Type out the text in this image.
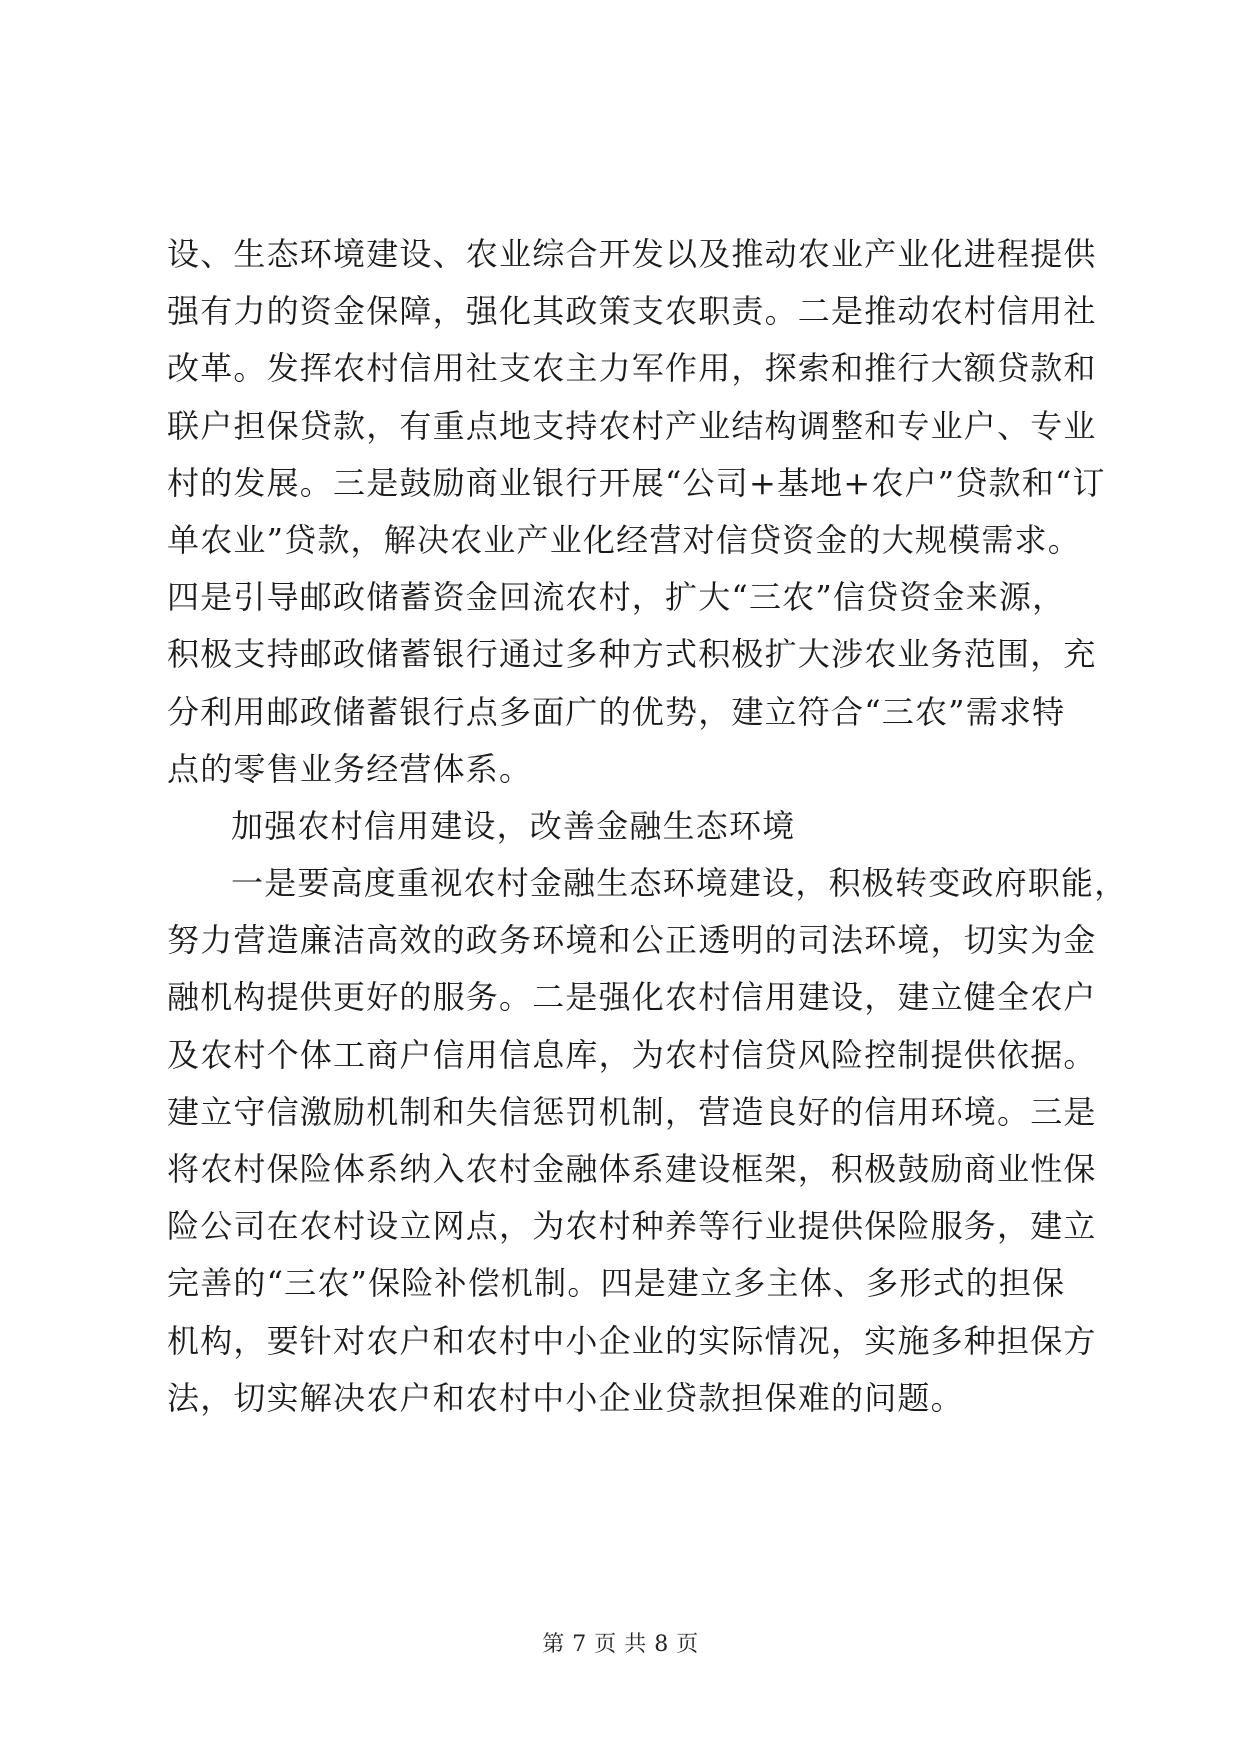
设、生态环境建设、农业综合开发以及推动农业产业化进程提供
强有力的资金保障，强化其政策支农职责。二是推动农村信用社
改革。发挥农村信用社支农主力军作用，探索和推行大额贷款和
联户担保贷款，有重点地支持农村产业结构调整和专业户、专业
村的发展。三是鼓励商业银行开展“公司+基地+农户”贷款和“订
单农业”贷款，解决农业产业化经营对信贷资金的大规模需求。
四是引导邮政储蓄资金回流农村，扩大“三农”信贷资金来源，
积极支持邮政储蓄银行通过多种方式积极扩大涉农业务范围，充
分利用邮政储蓄银行点多面广的优势，建立符合“三农”需求特
点的零售业务经营体系。
加强农村信用建设，改善金融生态环境
一是要高度重视农村金融生态环境建设，积极转变政府职能，
努力营造廉洁高效的政务环境和公正透明的司法环境，切实为金
融机构提供更好的服务。二是强化农村信用建设，建立健全农户
及农村个体工商户信用信息库，为农村信贷风险控制提供依据。
建立守信激励机制和失信惩罚机制，营造良好的信用环境。三是
将农村保险体系纳入农村金融体系建设框架，积极鼓励商业性保
险公司在农村设立网点，为农村种养等行业提供保险服务，建立
完善的“三农”保险补偿机制。四是建立多主体、多形式的担保
机构，要针对农户和农村中小企业的实际情况，实施多种担保方
法，切实解决农户和农村中小企业贷款担保难的问题。
第 7 页 共 8 页
